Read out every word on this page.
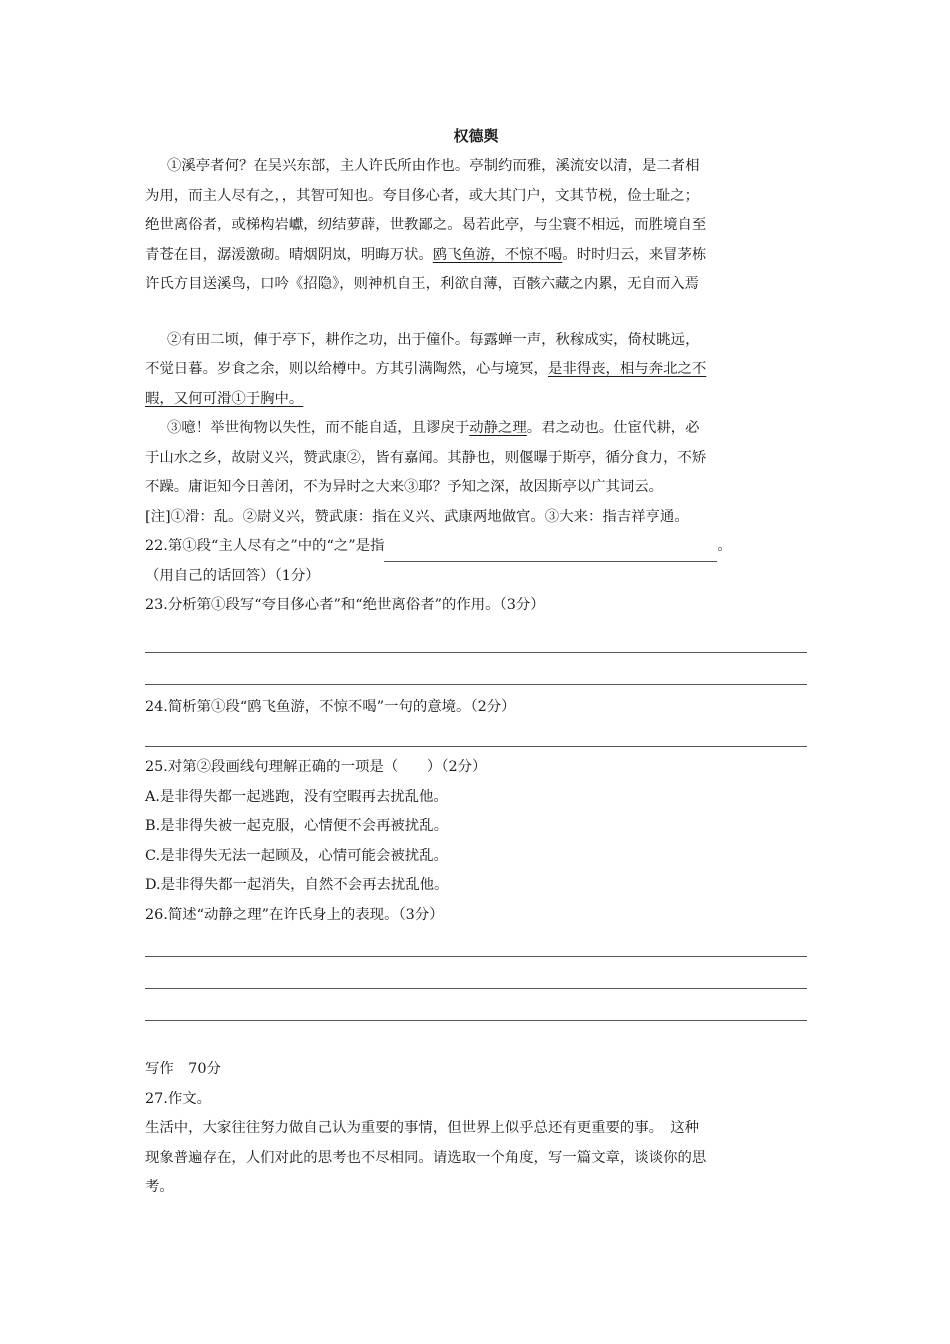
权德舆

①溪亭者何？在吴兴东部，主人许氏所由作也。亭制约而雅，溪流安以清，是二者相

为用，而主人尽有之，，其智可知也。夸目侈心者，或大其门户，文其节棁，俭士耻之；

绝世离俗者，或梯构岩巘，纫结萝薜，世教鄙之。曷若此亭，与尘寰不相远，而胜境自至

青苍在目，潺湲激砌。晴烟阴岚，明晦万状。鸥飞鱼游，不惊不喝。时时归云，来冒茅栋

许氏方目送溪鸟，口吟《招隐》，则神机自王，利欲自薄，百骸六藏之内累，无自而入焉

②有田二顷，俥于亭下，耕作之功，出于僮仆。每露蝉一声，秋稼成实，倚杖眺远，

不觉日暮。岁食之余，则以给樽中。方其引满陶然，心与境冥，是非得丧，相与奔北之不

暇，又何可滑①于胸中。

③噫！举世徇物以失性，而不能自适，且谬戾于动静之理。君之动也。仕宦代耕，必

于山水之乡，故尉义兴，赞武康②，皆有嘉闻。其静也，则偃曝于斯亭，循分食力，不矫

不躁。庸讵知今日善闭，不为异时之大来③耶？予知之深，故因斯亭以广其词云。

[注]①滑：乱。②尉义兴，赞武康：指在义兴、武康两地做官。③大来：指吉祥亨通。

22.第①段“主人尽有之”中的“之”是指	。

（用自己的话回答）（1分）

23.分析第①段写“夸目侈心者”和“绝世离俗者”的作用。（3分）

24.简析第①段“鸥飞鱼游，不惊不喝”一句的意境。（2分）

25.对第②段画线句理解正确的一项是（　　）（2分）

A.是非得失都一起逃跑，没有空暇再去扰乱他。

B.是非得失被一起克服，心情便不会再被扰乱。

C.是非得失无法一起顾及，心情可能会被扰乱。

D.是非得失都一起消失，自然不会再去扰乱他。

26.简述“动静之理”在许氏身上的表现。（3分）

写作　70分

27.作文。

生活中，大家往往努力做自己认为重要的事情，但世界上似乎总还有更重要的事。　这种

现象普遍存在，人们对此的思考也不尽相同。请选取一个角度，写一篇文章，谈谈你的思

考。
